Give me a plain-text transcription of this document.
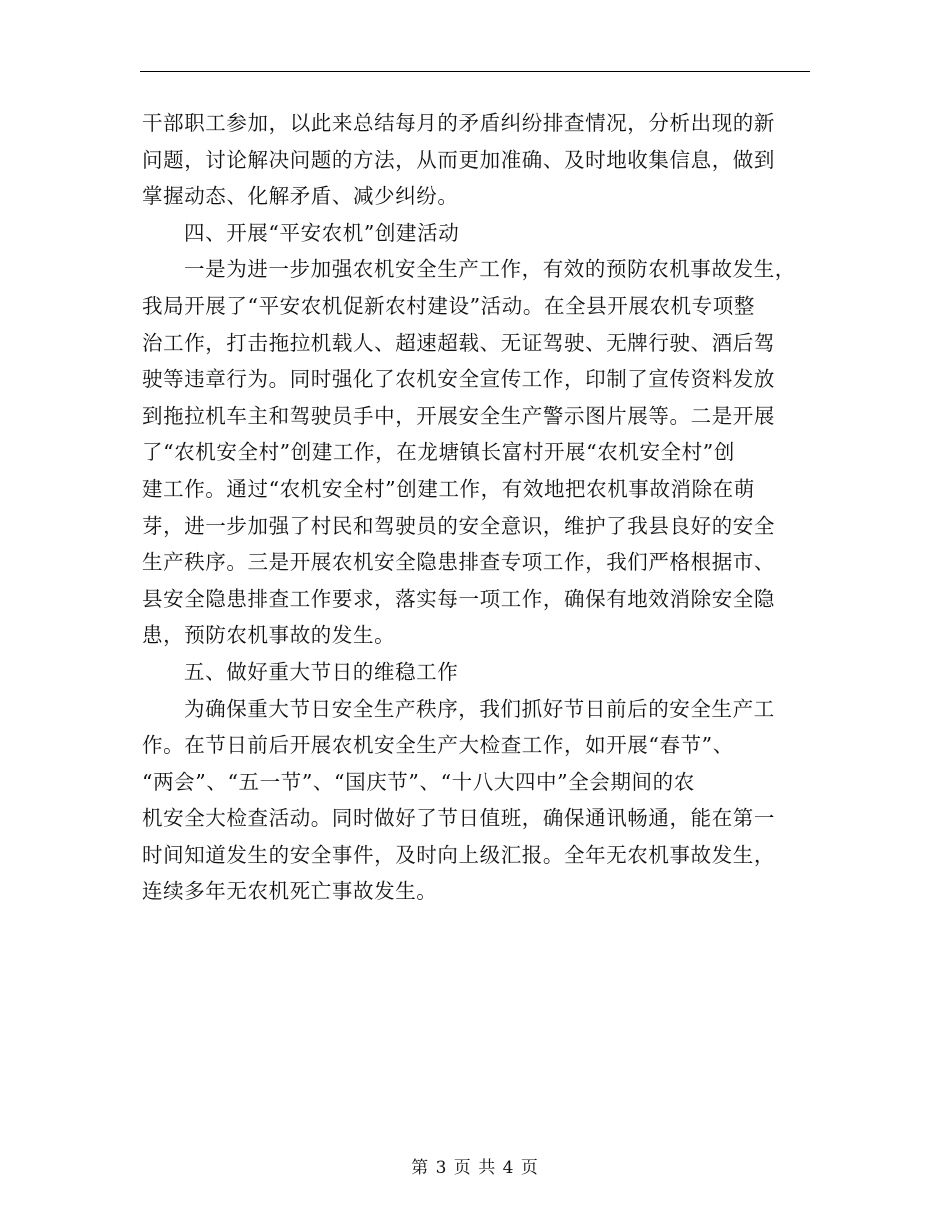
干部职工参加，以此来总结每月的矛盾纠纷排查情况，分析出现的新
问题，讨论解决问题的方法，从而更加准确、及时地收集信息，做到
掌握动态、化解矛盾、减少纠纷。
四、开展“平安农机”创建活动
一是为进一步加强农机安全生产工作，有效的预防农机事故发生，
我局开展了“平安农机促新农村建设”活动。在全县开展农机专项整
治工作，打击拖拉机载人、超速超载、无证驾驶、无牌行驶、酒后驾
驶等违章行为。同时强化了农机安全宣传工作，印制了宣传资料发放
到拖拉机车主和驾驶员手中，开展安全生产警示图片展等。二是开展
了“农机安全村”创建工作，在龙塘镇长富村开展“农机安全村”创
建工作。通过“农机安全村”创建工作，有效地把农机事故消除在萌
芽，进一步加强了村民和驾驶员的安全意识，维护了我县良好的安全
生产秩序。三是开展农机安全隐患排查专项工作，我们严格根据市、
县安全隐患排查工作要求，落实每一项工作，确保有地效消除安全隐
患，预防农机事故的发生。
五、做好重大节日的维稳工作
为确保重大节日安全生产秩序，我们抓好节日前后的安全生产工
作。在节日前后开展农机安全生产大检查工作，如开展“春节”、
“两会”、“五一节”、“国庆节”、“十八大四中”全会期间的农
机安全大检查活动。同时做好了节日值班，确保通讯畅通，能在第一
时间知道发生的安全事件，及时向上级汇报。全年无农机事故发生，
连续多年无农机死亡事故发生。
第 3 页 共 4 页
